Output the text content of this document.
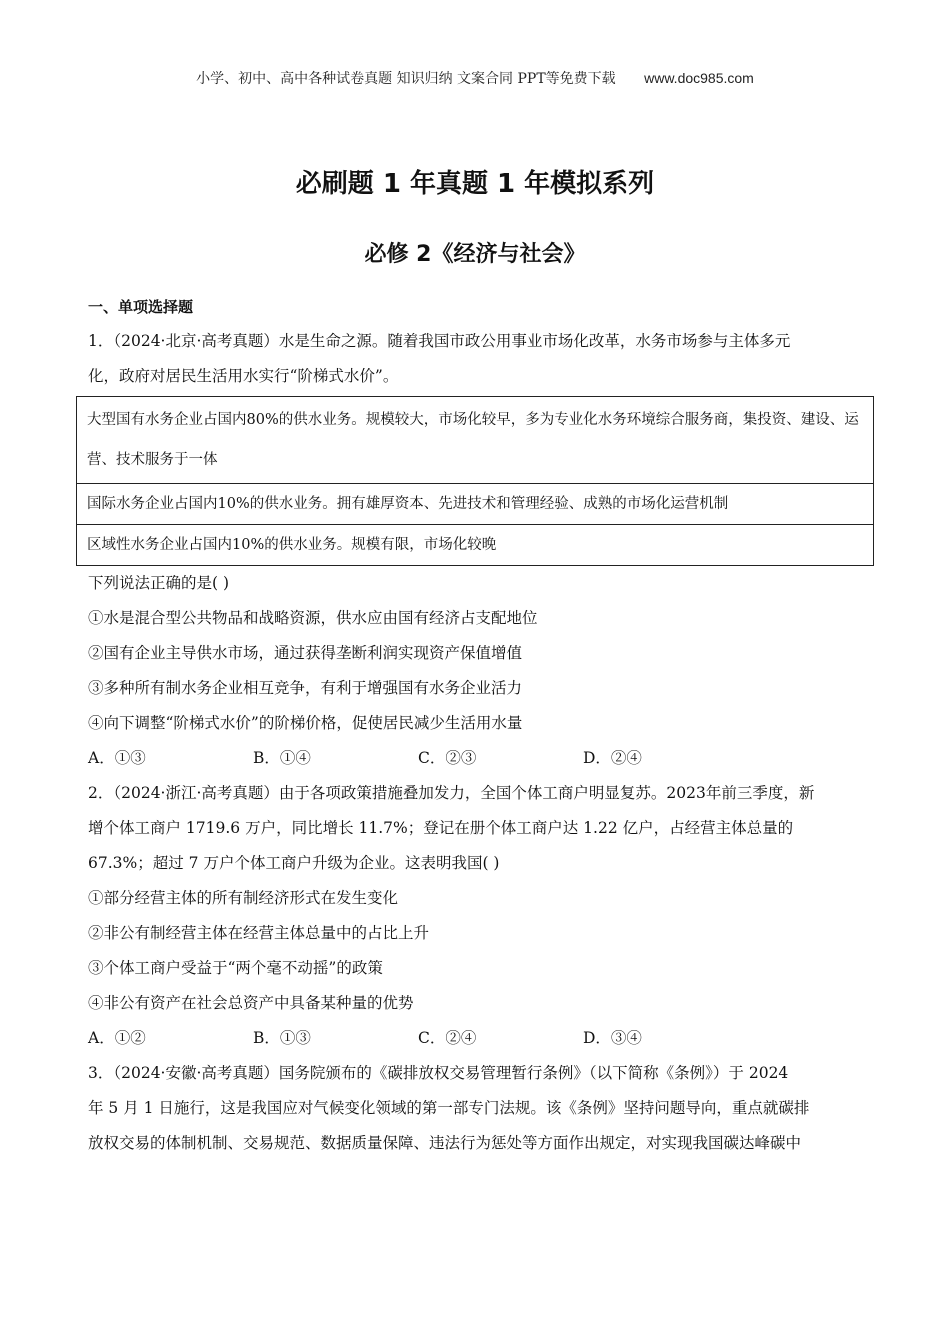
小学、初中、高中各种试卷真题 知识归纳 文案合同 PPT等免费下载 www.doc985.com
必刷题 1 年真题 1 年模拟系列
必修 2《经济与社会》
一、单项选择题
1．（2024·北京·高考真题）水是生命之源。随着我国市政公用事业市场化改革，水务市场参与主体多元
化，政府对居民生活用水实行“阶梯式水价”。
大型国有水务企业占国内80%的供水业务。规模较大，市场化较早，多为专业化水务环境综合服务商，集投资、建设、运营、技术服务于一体
国际水务企业占国内10%的供水业务。拥有雄厚资本、先进技术和管理经验、成熟的市场化运营机制
区域性水务企业占国内10%的供水业务。规模有限，市场化较晚
下列说法正确的是( )
①水是混合型公共物品和战略资源，供水应由国有经济占支配地位
②国有企业主导供水市场，通过获得垄断利润实现资产保值增值
③多种所有制水务企业相互竞争，有利于增强国有水务企业活力
④向下调整“阶梯式水价”的阶梯价格，促使居民减少生活用水量
A．①③	B．①④	C．②③	D．②④
2．（2024·浙江·高考真题）由于各项政策措施叠加发力，全国个体工商户明显复苏。2023年前三季度，新
增个体工商户 1719.6 万户，同比增长 11.7%；登记在册个体工商户达 1.22 亿户，占经营主体总量的
67.3%；超过 7 万户个体工商户升级为企业。这表明我国( )
①部分经营主体的所有制经济形式在发生变化
②非公有制经营主体在经营主体总量中的占比上升
③个体工商户受益于“两个毫不动摇”的政策
④非公有资产在社会总资产中具备某种量的优势
A．①②	B．①③	C．②④	D．③④
3．（2024·安徽·高考真题）国务院颁布的《碳排放权交易管理暂行条例》（以下简称《条例》）于 2024
年 5 月 1 日施行，这是我国应对气候变化领域的第一部专门法规。该《条例》坚持问题导向，重点就碳排
放权交易的体制机制、交易规范、数据质量保障、违法行为惩处等方面作出规定，对实现我国碳达峰碳中
